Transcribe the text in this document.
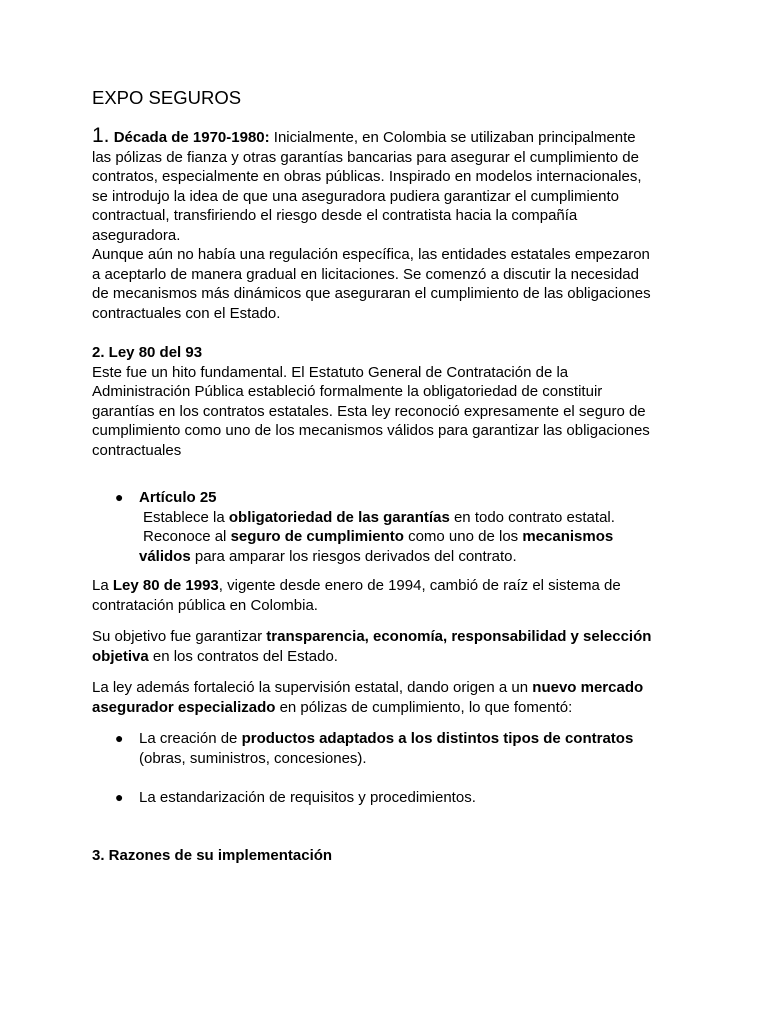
EXPO SEGUROS

1. Década de 1970-1980: Inicialmente, en Colombia se utilizaban principalmente

las pólizas de fianza y otras garantías bancarias para asegurar el cumplimiento de

contratos, especialmente en obras públicas. Inspirado en modelos internacionales,

se introdujo la idea de que una aseguradora pudiera garantizar el cumplimiento

contractual, transfiriendo el riesgo desde el contratista hacia la compañía

aseguradora.

Aunque aún no había una regulación específica, las entidades estatales empezaron

a aceptarlo de manera gradual en licitaciones. Se comenzó a discutir la necesidad

de mecanismos más dinámicos que aseguraran el cumplimiento de las obligaciones

contractuales con el Estado.

2. Ley 80 del 93

Este fue un hito fundamental. El Estatuto General de Contratación de la

Administración Pública estableció formalmente la obligatoriedad de constituir

garantías en los contratos estatales. Esta ley reconoció expresamente el seguro de

cumplimiento como uno de los mecanismos válidos para garantizar las obligaciones

contractuales

● Artículo 25
Establece la obligatoriedad de las garantías en todo contrato estatal.
Reconoce al seguro de cumplimiento como uno de los mecanismos
válidos para amparar los riesgos derivados del contrato.

La Ley 80 de 1993, vigente desde enero de 1994, cambió de raíz el sistema de

contratación pública en Colombia.

Su objetivo fue garantizar transparencia, economía, responsabilidad y selección

objetiva en los contratos del Estado.

La ley además fortaleció la supervisión estatal, dando origen a un nuevo mercado

asegurador especializado en pólizas de cumplimiento, lo que fomentó:

● La creación de productos adaptados a los distintos tipos de contratos
(obras, suministros, concesiones).
● La estandarización de requisitos y procedimientos.

3. Razones de su implementación
